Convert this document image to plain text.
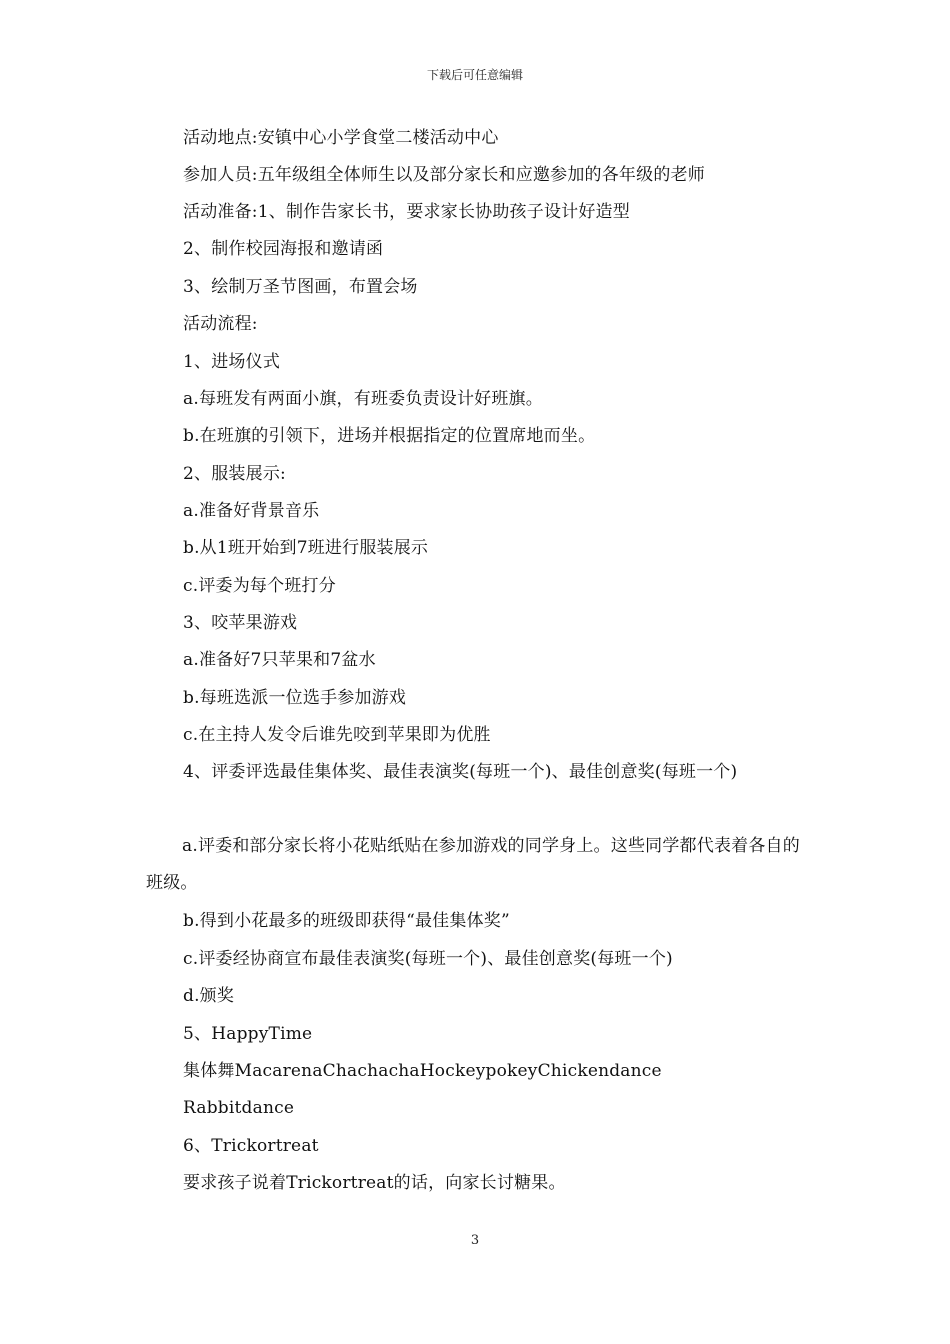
下载后可任意编辑
活动地点:安镇中心小学食堂二楼活动中心
参加人员:五年级组全体师生以及部分家长和应邀参加的各年级的老师
活动准备:1、制作告家长书，要求家长协助孩子设计好造型
2、制作校园海报和邀请函
3、绘制万圣节图画，布置会场
活动流程:
1、进场仪式
a.每班发有两面小旗，有班委负责设计好班旗。
b.在班旗的引领下，进场并根据指定的位置席地而坐。
2、服装展示:
a.准备好背景音乐
b.从1班开始到7班进行服装展示
c.评委为每个班打分
3、咬苹果游戏
a.准备好7只苹果和7盆水
b.每班选派一位选手参加游戏
c.在主持人发令后谁先咬到苹果即为优胜
4、评委评选最佳集体奖、最佳表演奖(每班一个)、最佳创意奖(每班一个)
a.评委和部分家长将小花贴纸贴在参加游戏的同学身上。这些同学都代表着各自的班级。
b.得到小花最多的班级即获得“最佳集体奖”
c.评委经协商宣布最佳表演奖(每班一个)、最佳创意奖(每班一个)
d.颁奖
5、HappyTime
集体舞MacarenaChachachaHockeypokeyChickendance
Rabbitdance
6、Trickortreat
要求孩子说着Trickortreat的话，向家长讨糖果。
3
